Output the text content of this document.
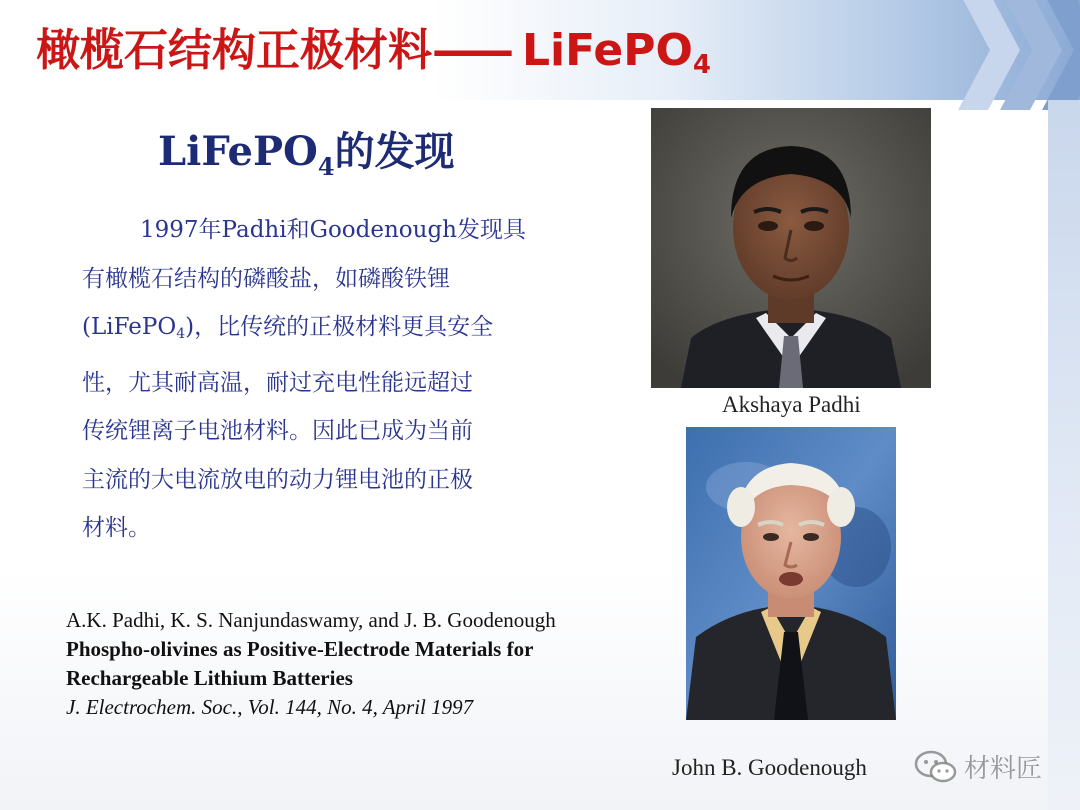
橄榄石结构正极材料—— LiFePO$_4$
LiFePO$_4$的发现

1997年Padhi和Goodenough发现具

有橄榄石结构的磷酸盐，如磷酸铁锂

(LiFePO$_4$)，比传统的正极材料更具安全

性，尤其耐高温，耐过充电性能远超过

传统锂离子电池材料。因此已成为当前

主流的大电流放电的动力锂电池的正极

材料。

A.K. Padhi, K. S. Nanjundaswamy, and J. B. Goodenough
Phospho-olivines as Positive-Electrode Materials for
Rechargeable Lithium Batteries
J. Electrochem. Soc., Vol. 144, No. 4, April 1997
Akshaya Padhi
John B. Goodenough	材料匠
